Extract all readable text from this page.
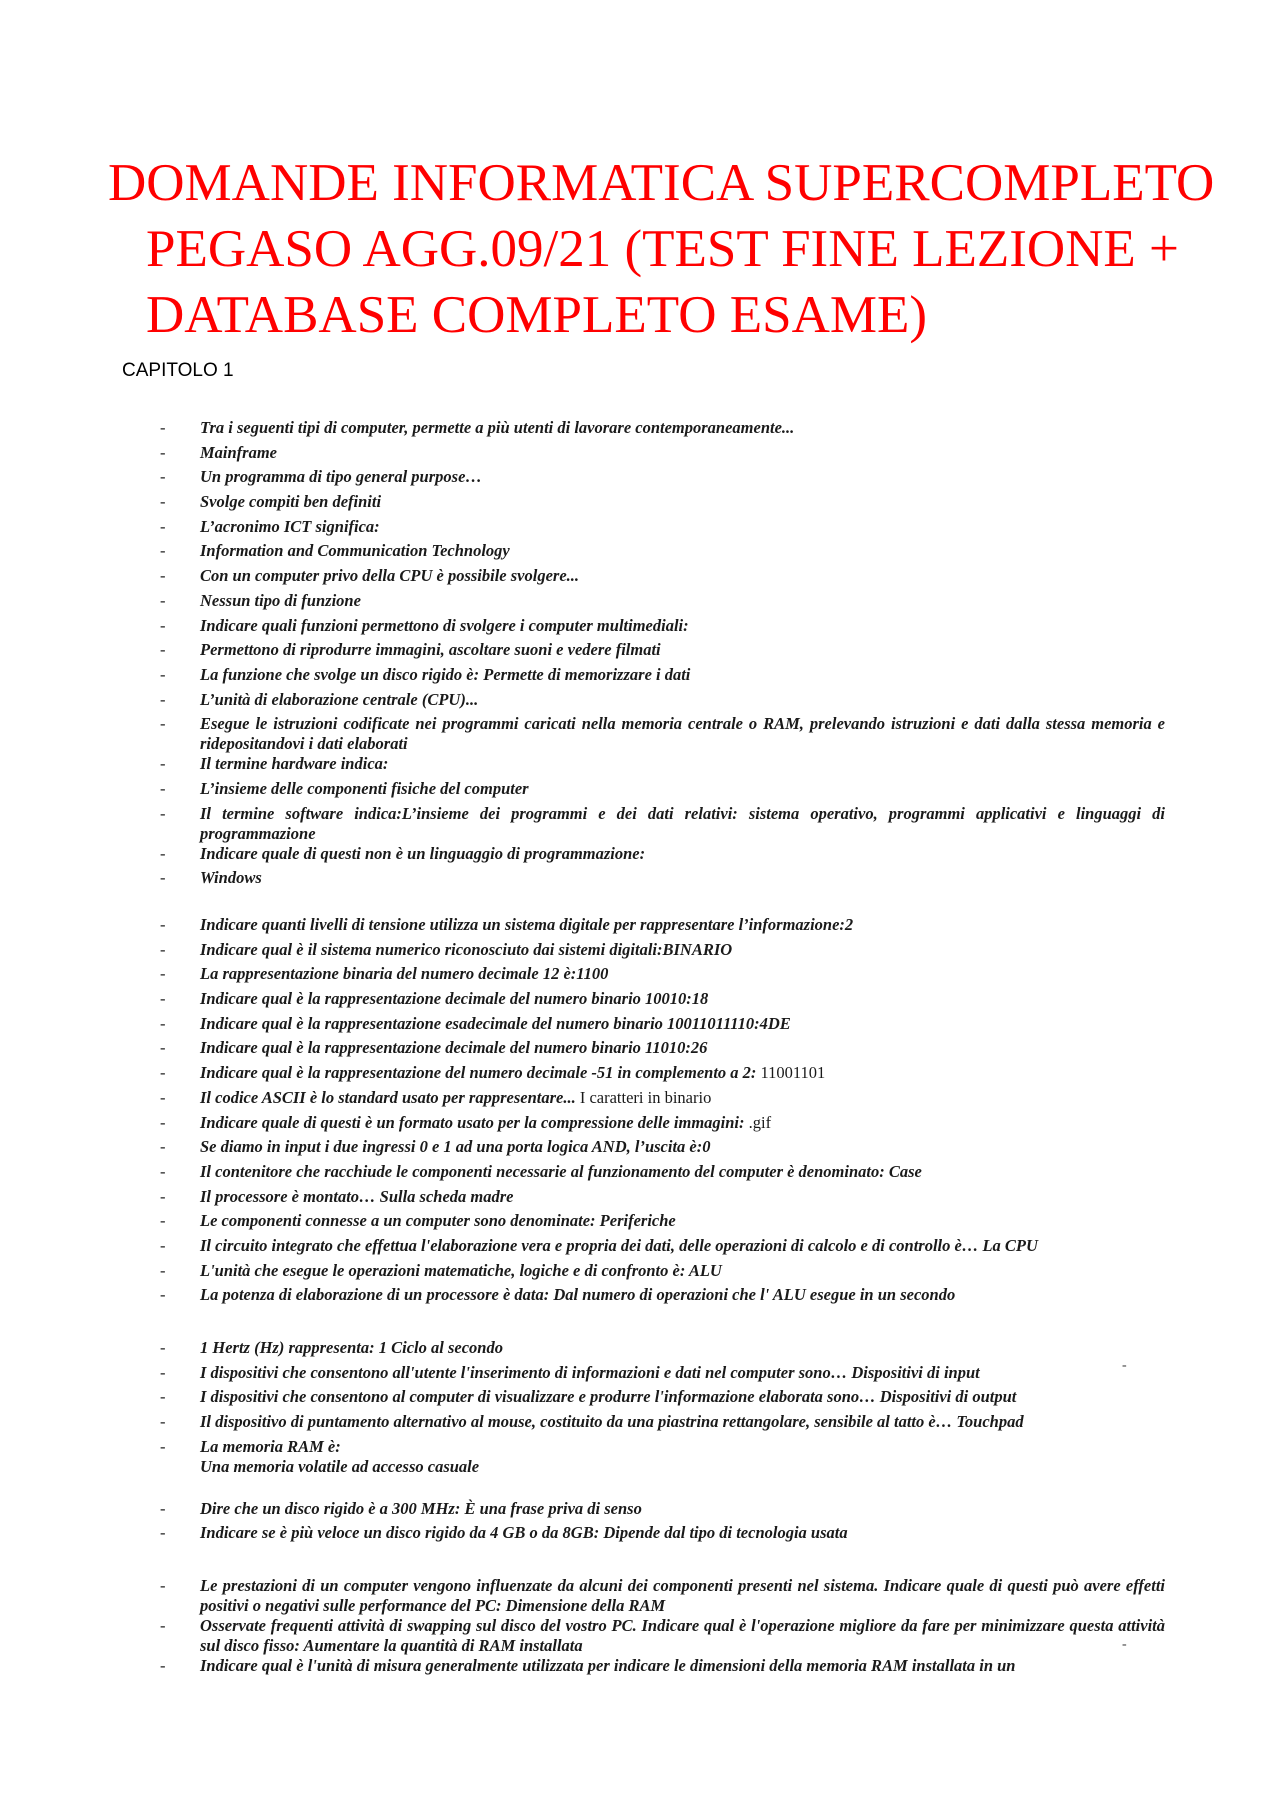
DOMANDE INFORMATICA SUPERCOMPLETO
PEGASO AGG.09/21 (TEST FINE LEZIONE +
DATABASE COMPLETO ESAME)
CAPITOLO 1
- Tra i seguenti tipi di computer, permette a più utenti di lavorare contemporaneamente...
- Mainframe
- Un programma di tipo general purpose…
- Svolge compiti ben definiti
- L’acronimo ICT significa:
- Information and Communication Technology
- Con un computer privo della CPU è possibile svolgere...
- Nessun tipo di funzione
- Indicare quali funzioni permettono di svolgere i computer multimediali:
- Permettono di riprodurre immagini, ascoltare suoni e vedere filmati
- La funzione che svolge un disco rigido è: Permette di memorizzare i dati
- L’unità di elaborazione centrale (CPU)...
- Esegue le istruzioni codificate nei programmi caricati nella memoria centrale o RAM, prelevando istruzioni e dati dalla stessa memoria e ridepositandovi i dati elaborati
- Il termine hardware indica:
- L’insieme delle componenti fisiche del computer
- Il termine software indica:L’insieme dei programmi e dei dati relativi: sistema operativo, programmi applicativi e linguaggi di programmazione
- Indicare quale di questi non è un linguaggio di programmazione:
- Windows
- Indicare quanti livelli di tensione utilizza un sistema digitale per rappresentare l’informazione:2
- Indicare qual è il sistema numerico riconosciuto dai sistemi digitali:BINARIO
- La rappresentazione binaria del numero decimale 12 è:1100
- Indicare qual è la rappresentazione decimale del numero binario 10010:18
- Indicare qual è la rappresentazione esadecimale del numero binario 10011011110:4DE
- Indicare qual è la rappresentazione decimale del numero binario 11010:26
- Indicare qual è la rappresentazione del numero decimale -51 in complemento a 2: 11001101
- Il codice ASCII è lo standard usato per rappresentare... I caratteri in binario
- Indicare quale di questi è un formato usato per la compressione delle immagini: .gif
- Se diamo in input i due ingressi 0 e 1 ad una porta logica AND, l’uscita è:0
- Il contenitore che racchiude le componenti necessarie al funzionamento del computer è denominato: Case
- Il processore è montato… Sulla scheda madre
- Le componenti connesse a un computer sono denominate: Periferiche
- Il circuito integrato che effettua l'elaborazione vera e propria dei dati, delle operazioni di calcolo e di controllo è… La CPU
- L'unità che esegue le operazioni matematiche, logiche e di confronto è: ALU
- La potenza di elaborazione di un processore è data: Dal numero di operazioni che l' ALU esegue in un secondo
- 1 Hertz (Hz) rappresenta: 1 Ciclo al secondo
- I dispositivi che consentono all'utente l'inserimento di informazioni e dati nel computer sono… Dispositivi di input
- I dispositivi che consentono al computer di visualizzare e produrre l'informazione elaborata sono… Dispositivi di output
- Il dispositivo di puntamento alternativo al mouse, costituito da una piastrina rettangolare, sensibile al tatto è… Touchpad
- La memoria RAM è:
Una memoria volatile ad accesso casuale
- Dire che un disco rigido è a 300 MHz: È una frase priva di senso
- Indicare se è più veloce un disco rigido da 4 GB o da 8GB: Dipende dal tipo di tecnologia usata
- Le prestazioni di un computer vengono influenzate da alcuni dei componenti presenti nel sistema. Indicare quale di questi può avere effetti positivi o negativi sulle performance del PC: Dimensione della RAM
- Osservate frequenti attività di swapping sul disco del vostro PC. Indicare qual è l'operazione migliore da fare per minimizzare questa attività sul disco fisso: Aumentare la quantità di RAM installata
- Indicare qual è l'unità di misura generalmente utilizzata per indicare le dimensioni della memoria RAM installata in un
-
-
